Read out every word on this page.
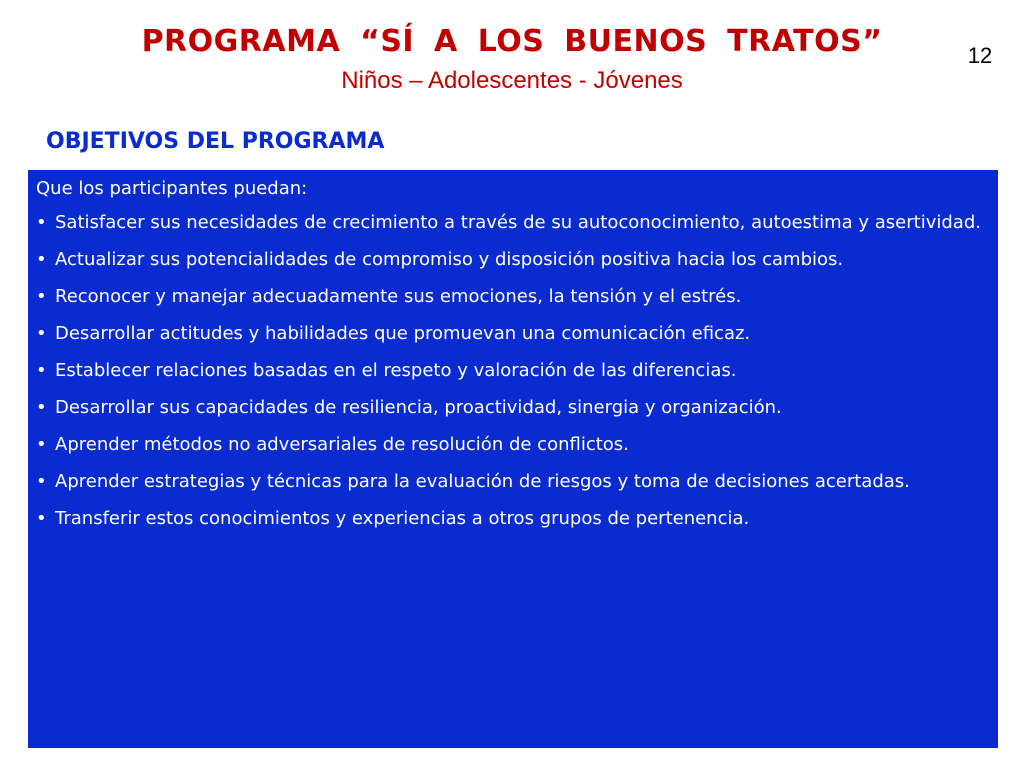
PROGRAMA “SÍ A LOS BUENOS TRATOS”
Niños – Adolescentes - Jóvenes
12
OBJETIVOS DEL PROGRAMA

Que los participantes puedan:

• Satisfacer sus necesidades de crecimiento a través de su autoconocimiento, autoestima y asertividad.
• Actualizar sus potencialidades de compromiso y disposición positiva hacia los cambios.
• Reconocer y manejar adecuadamente sus emociones, la tensión y el estrés.
• Desarrollar actitudes y habilidades que promuevan una comunicación eficaz.
• Establecer relaciones basadas en el respeto y valoración de las diferencias.
• Desarrollar sus capacidades de resiliencia, proactividad, sinergia y organización.
• Aprender métodos no adversariales de resolución de conflictos.
• Aprender estrategias y técnicas para la evaluación de riesgos y toma de decisiones acertadas.
• Transferir estos conocimientos y experiencias a otros grupos de pertenencia.
